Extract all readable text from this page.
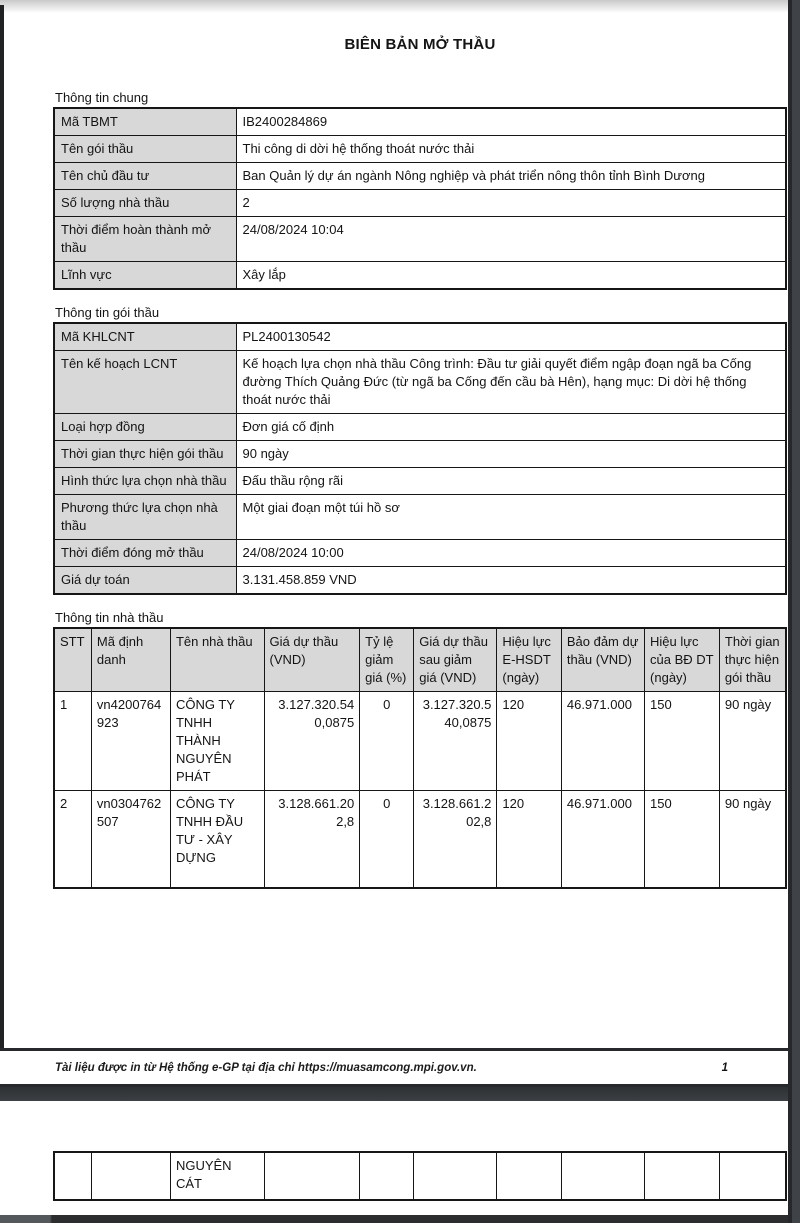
BIÊN BẢN MỞ THẦU
Thông tin chung
Mã TBMT	IB2400284869
Tên gói thầu	Thi công di dời hệ thống thoát nước thải
Tên chủ đầu tư	Ban Quản lý dự án ngành Nông nghiệp và phát triển nông thôn tỉnh Bình Dương
Số lượng nhà thầu	2
Thời điểm hoàn thành mở thầu	24/08/2024 10:04
Lĩnh vực	Xây lắp
Thông tin gói thầu
Mã KHLCNT	PL2400130542
Tên kế hoạch LCNT	Kế hoạch lựa chọn nhà thầu Công trình: Đầu tư giải quyết điểm ngập đoạn ngã ba Cống đường Thích Quảng Đức (từ ngã ba Cống đến cầu bà Hên), hạng mục: Di dời hệ thống thoát nước thải
Loại hợp đồng	Đơn giá cố định
Thời gian thực hiện gói thầu	90 ngày
Hình thức lựa chọn nhà thầu	Đấu thầu rộng rãi
Phương thức lựa chọn nhà thầu	Một giai đoạn một túi hồ sơ
Thời điểm đóng mở thầu	24/08/2024 10:00
Giá dự toán	3.131.458.859 VND
Thông tin nhà thầu
STT	Mã định danh	Tên nhà thầu	Giá dự thầu (VND)	Tỷ lệ giảm giá (%)	Giá dự thầu sau giảm giá (VND)	Hiệu lực E-HSDT (ngày)	Bảo đảm dự thầu (VND)	Hiệu lực của BĐ DT (ngày)	Thời gian thực hiện gói thầu
1	vn4200764923	CÔNG TY TNHH THÀNH NGUYÊN PHÁT	3.127.320.540,0875	0	3.127.320.540,0875	120	46.971.000	150	90 ngày
2	vn0304762507	CÔNG TY TNHH ĐẦU TƯ - XÂY DỰNG	3.128.661.202,8	0	3.128.661.202,8	120	46.971.000	150	90 ngày
Tài liệu được in từ Hệ thống e-GP tại địa chỉ https://muasamcong.mpi.gov.vn.	1
		NGUYÊN CÁT							
